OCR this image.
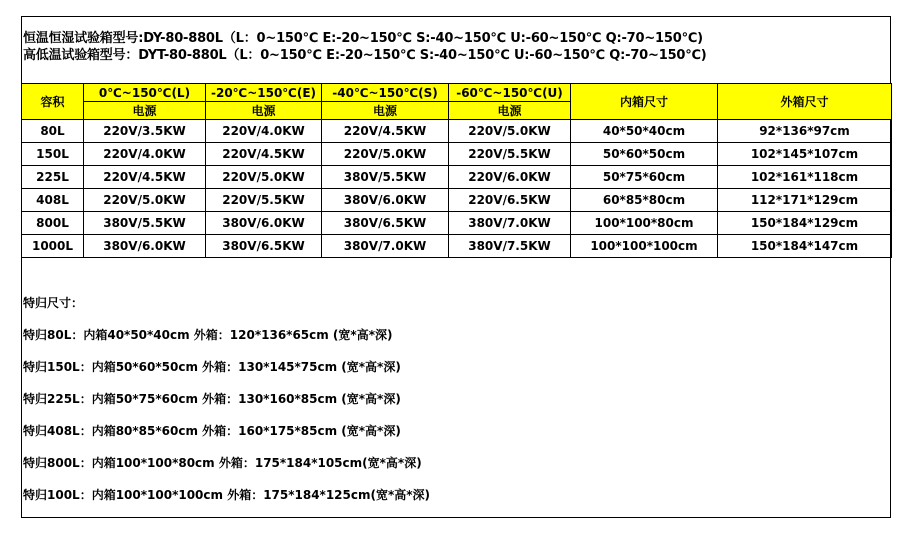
恒温恒湿试验箱型号:DY-80-880L（L：0~150℃ E:-20~150℃ S:-40~150℃ U:-60~150℃ Q:-70~150℃)
高低温试验箱型号：DYT-80-880L（L：0~150℃ E:-20~150℃ S:-40~150℃ U:-60~150℃ Q:-70~150℃)
容积	0℃~150℃(L)	-20℃~150℃(E)	-40℃~150℃(S)	-60℃~150℃(U)	内箱尺寸	外箱尺寸
	电源	电源	电源	电源		
80L	220V/3.5KW	220V/4.0KW	220V/4.5KW	220V/5.0KW	40*50*40cm	92*136*97cm
150L	220V/4.0KW	220V/4.5KW	220V/5.0KW	220V/5.5KW	50*60*50cm	102*145*107cm
225L	220V/4.5KW	220V/5.0KW	380V/5.5KW	220V/6.0KW	50*75*60cm	102*161*118cm
408L	220V/5.0KW	220V/5.5KW	380V/6.0KW	220V/6.5KW	60*85*80cm	112*171*129cm
800L	380V/5.5KW	380V/6.0KW	380V/6.5KW	380V/7.0KW	100*100*80cm	150*184*129cm
1000L	380V/6.0KW	380V/6.5KW	380V/7.0KW	380V/7.5KW	100*100*100cm	150*184*147cm
特归尺寸：
特归80L：内箱40*50*40cm 外箱：120*136*65cm (宽*高*深)
特归150L：内箱50*60*50cm 外箱：130*145*75cm (宽*高*深)
特归225L：内箱50*75*60cm 外箱：130*160*85cm (宽*高*深)
特归408L：内箱80*85*60cm 外箱：160*175*85cm (宽*高*深)
特归800L：内箱100*100*80cm 外箱：175*184*105cm(宽*高*深)
特归100L：内箱100*100*100cm 外箱：175*184*125cm(宽*高*深)
